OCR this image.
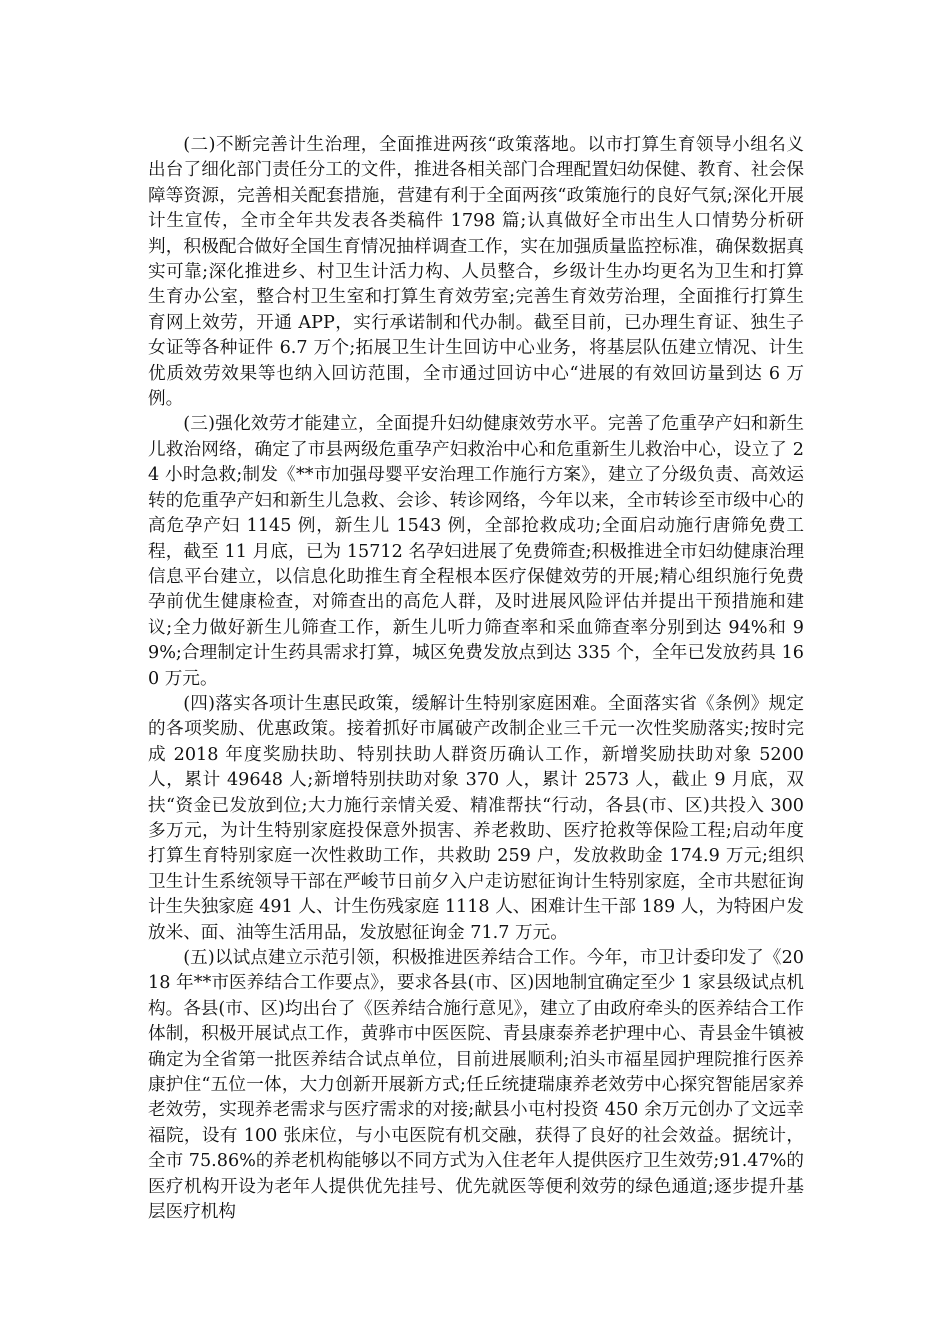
(二)不断完善计生治理，全面推进两孩“政策落地。以市打算生育领导小组名义出台了细化部门责任分工的文件，推进各相关部门合理配置妇幼保健、教育、社会保障等资源，完善相关配套措施，营建有利于全面两孩“政策施行的良好气氛;深化开展计生宣传，全市全年共发表各类稿件 1798 篇;认真做好全市出生人口情势分析研判，积极配合做好全国生育情况抽样调查工作，实在加强质量监控标准，确保数据真实可靠;深化推进乡、村卫生计活力构、人员整合，乡级计生办均更名为卫生和打算生育办公室，整合村卫生室和打算生育效劳室;完善生育效劳治理，全面推行打算生育网上效劳，开通 APP，实行承诺制和代办制。截至目前，已办理生育证、独生子女证等各种证件 6.7 万个;拓展卫生计生回访中心业务，将基层队伍建立情况、计生优质效劳效果等也纳入回访范围，全市通过回访中心“进展的有效回访量到达 6 万例。

(三)强化效劳才能建立，全面提升妇幼健康效劳水平。完善了危重孕产妇和新生儿救治网络，确定了市县两级危重孕产妇救治中心和危重新生儿救治中心，设立了 24 小时急救;制发《**市加强母婴平安治理工作施行方案》，建立了分级负责、高效运转的危重孕产妇和新生儿急救、会诊、转诊网络，今年以来，全市转诊至市级中心的高危孕产妇 1145 例，新生儿 1543 例，全部抢救成功;全面启动施行唐筛免费工程，截至 11 月底，已为 15712 名孕妇进展了免费筛查;积极推进全市妇幼健康治理信息平台建立，以信息化助推生育全程根本医疗保健效劳的开展;精心组织施行免费孕前优生健康检查，对筛查出的高危人群，及时进展风险评估并提出干预措施和建议;全力做好新生儿筛查工作，新生儿听力筛查率和采血筛查率分别到达 94%和 99%;合理制定计生药具需求打算，城区免费发放点到达 335 个，全年已发放药具 160 万元。

(四)落实各项计生惠民政策，缓解计生特别家庭困难。全面落实省《条例》规定的各项奖励、优惠政策。接着抓好市属破产改制企业三千元一次性奖励落实;按时完成 2018 年度奖励扶助、特别扶助人群资历确认工作，新增奖励扶助对象 5200 人，累计 49648 人;新增特别扶助对象 370 人，累计 2573 人，截止 9 月底，双扶“资金已发放到位;大力施行亲情关爱、精准帮扶“行动，各县(市、区)共投入 300 多万元，为计生特别家庭投保意外损害、养老救助、医疗抢救等保险工程;启动年度打算生育特别家庭一次性救助工作，共救助 259 户，发放救助金 174.9 万元;组织卫生计生系统领导干部在严峻节日前夕入户走访慰征询计生特别家庭，全市共慰征询计生失独家庭 491 人、计生伤残家庭 1118 人、困难计生干部 189 人，为特困户发放米、面、油等生活用品，发放慰征询金 71.7 万元。

(五)以试点建立示范引领，积极推进医养结合工作。今年，市卫计委印发了《2018 年**市医养结合工作要点》，要求各县(市、区)因地制宜确定至少 1 家县级试点机构。各县(市、区)均出台了《医养结合施行意见》，建立了由政府牵头的医养结合工作体制，积极开展试点工作，黄骅市中医医院、青县康泰养老护理中心、青县金牛镇被确定为全省第一批医养结合试点单位，目前进展顺利;泊头市福星园护理院推行医养康护住“五位一体，大力创新开展新方式;任丘统捷瑞康养老效劳中心探究智能居家养老效劳，实现养老需求与医疗需求的对接;献县小屯村投资 450 余万元创办了文远幸福院，设有 100 张床位，与小屯医院有机交融，获得了良好的社会效益。据统计，全市 75.86%的养老机构能够以不同方式为入住老年人提供医疗卫生效劳;91.47%的医疗机构开设为老年人提供优先挂号、优先就医等便利效劳的绿色通道;逐步提升基层医疗机构
